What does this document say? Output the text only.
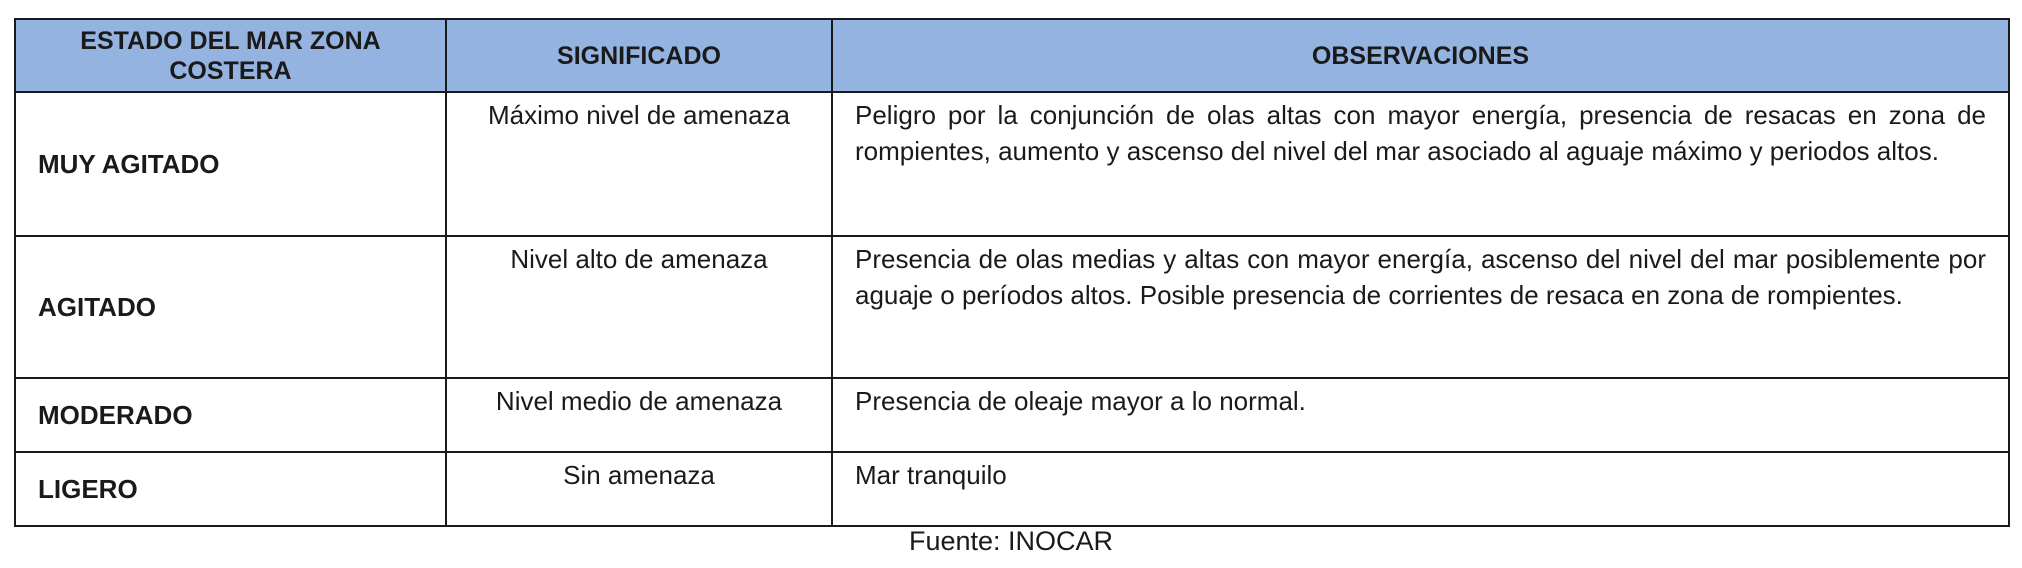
ESTADO DEL MAR ZONA COSTERA	SIGNIFICADO	OBSERVACIONES
MUY AGITADO	Máximo nivel de amenaza	Peligro por la conjunción de olas altas con mayor energía, presencia de resacas en zona de rompientes, aumento y ascenso del nivel del mar asociado al aguaje máximo y periodos altos.
AGITADO	Nivel alto de amenaza	Presencia de olas medias y altas con mayor energía, ascenso del nivel del mar posiblemente por aguaje o períodos altos. Posible presencia de corrientes de resaca en zona de rompientes.
MODERADO	Nivel medio de amenaza	Presencia de oleaje mayor a lo normal.
LIGERO	Sin amenaza	Mar tranquilo
Fuente: INOCAR
